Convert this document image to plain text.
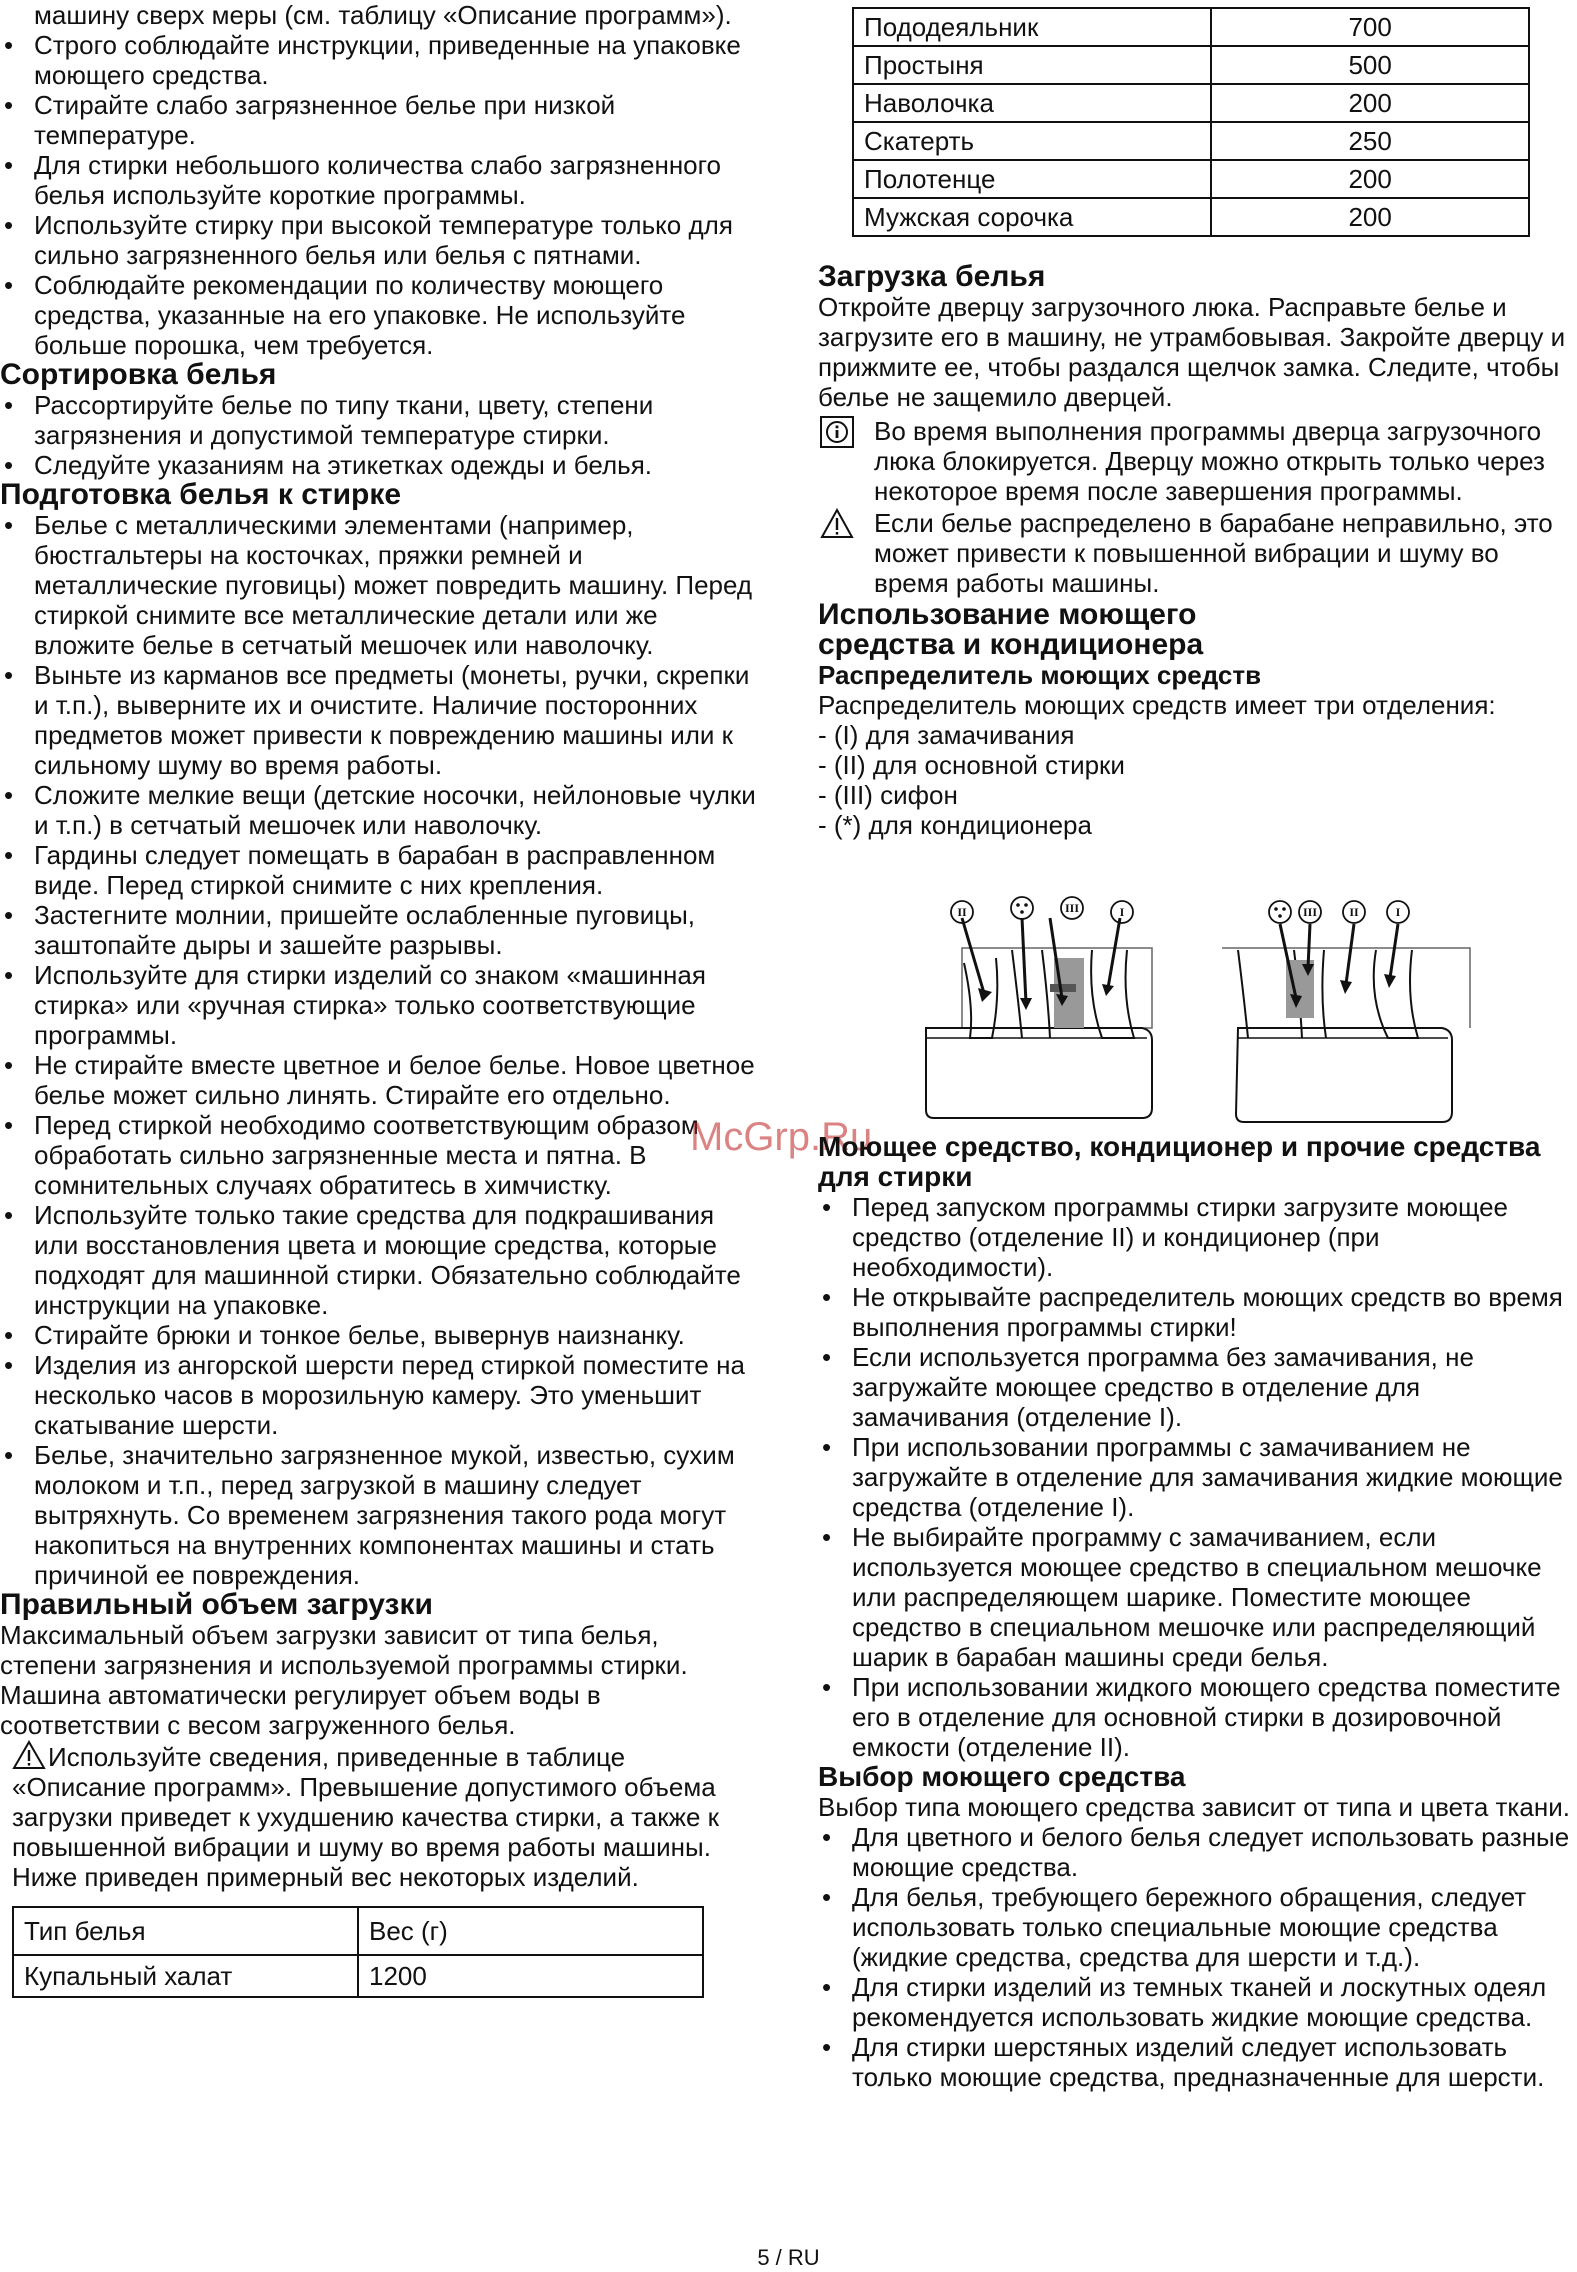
машину сверх меры (см. таблицу «Описание программ»).

• Строго соблюдайте инструкции, приведенные на упаковке моющего средства.
• Стирайте слабо загрязненное белье при низкой температуре.
• Для стирки небольшого количества слабо загрязненного белья используйте короткие программы.
• Используйте стирку при высокой температуре только для сильно загрязненного белья или белья с пятнами.
• Соблюдайте рекомендации по количеству моющего средства, указанные на его упаковке. Не используйте больше порошка, чем требуется.
Сортировка белья
• Рассортируйте белье по типу ткани, цвету, степени загрязнения и допустимой температуре стирки.
• Следуйте указаниям на этикетках одежды и белья.
Подготовка белья к стирке
• Белье с металлическими элементами (например, бюстгальтеры на косточках, пряжки ремней и металлические пуговицы) может повредить машину. Перед стиркой снимите все металлические детали или же вложите белье в сетчатый мешочек или наволочку.
• Выньте из карманов все предметы (монеты, ручки, скрепки и т.п.), выверните их и очистите. Наличие посторонних предметов может привести к повреждению машины или к сильному шуму во время работы.
• Сложите мелкие вещи (детские носочки, нейлоновые чулки и т.п.) в сетчатый мешочек или наволочку.
• Гардины следует помещать в барабан в расправленном виде. Перед стиркой снимите с них крепления.
• Застегните молнии, пришейте ослабленные пуговицы, заштопайте дыры и зашейте разрывы.
• Используйте для стирки изделий со знаком «машинная стирка» или «ручная стирка» только соответствующие программы.
• Не стирайте вместе цветное и белое белье. Новое цветное белье может сильно линять. Стирайте его отдельно.
• Перед стиркой необходимо соответствующим образом обработать сильно загрязненные места и пятна. В сомнительных случаях обратитесь в химчистку.
• Используйте только такие средства для подкрашивания или восстановления цвета и моющие средства, которые подходят для машинной стирки. Обязательно соблюдайте инструкции на упаковке.
• Стирайте брюки и тонкое белье, вывернув наизнанку.
• Изделия из ангорской шерсти перед стиркой поместите на несколько часов в морозильную камеру. Это уменьшит скатывание шерсти.
• Белье, значительно загрязненное мукой, известью, сухим молоком и т.п., перед загрузкой в машину следует вытряхнуть. Со временем загрязнения такого рода могут накопиться на внутренних компонентах машины и стать причиной ее повреждения.
Правильный объем загрузки

Максимальный объем загрузки зависит от типа белья, степени загрязнения и используемой программы стирки. Машина автоматически регулирует объем воды в соответствии с весом загруженного белья.

Используйте сведения, приведенные в таблице «Описание программ». Превышение допустимого объема загрузки приведет к ухудшению качества стирки, а также к повышенной вибрации и шуму во время работы машины. Ниже приведен примерный вес некоторых изделий.

Тип белья	Вес (г)
Купальный халат	1200
Пододеяльник	700
Простыня	500
Наволочка	200
Скатерть	250
Полотенце	200
Мужская сорочка	200
Загрузка белья

Откройте дверцу загрузочного люка. Расправьте белье и загрузите его в машину, не утрамбовывая. Закройте дверцу и прижмите ее, чтобы раздался щелчок замка. Следите, чтобы белье не защемило дверцей.

Во время выполнения программы дверца загрузочного люка блокируется. Дверцу можно открыть только через некоторое время после завершения программы.

Если белье распределено в барабане неправильно, это может привести к повышенной вибрации и шуму во время работы машины.

Использование моющего
средства и кондиционера
Распределитель моющих средств

Распределитель моющих средств имеет три отделения:

- (I) для замачивания
- (II) для основной стирки
- (III) сифон
- (*) для кондиционера
II	III	I	III	II	I
McGrp.Ru
Моющее средство, кондиционер и прочие средства для стирки
• Перед запуском программы стирки загрузите моющее средство (отделение II) и кондиционер (при необходимости).
• Не открывайте распределитель моющих средств во время выполнения программы стирки!
• Если используется программа без замачивания, не загружайте моющее средство в отделение для замачивания (отделение I).
• При использовании программы с замачиванием не загружайте в отделение для замачивания жидкие моющие средства (отделение I).
• Не выбирайте программу с замачиванием, если используется моющее средство в специальном мешочке или распределяющем шарике. Поместите моющее средство в специальном мешочке или распределяющий шарик в барабан машины среди белья.
• При использовании жидкого моющего средства поместите его в отделение для основной стирки в дозировочной емкости (отделение II).
Выбор моющего средства

Выбор типа моющего средства зависит от типа и цвета ткани.

• Для цветного и белого белья следует использовать разные моющие средства.
• Для белья, требующего бережного обращения, следует использовать только специальные моющие средства (жидкие средства, средства для шерсти и т.д.).
• Для стирки изделий из темных тканей и лоскутных одеял рекомендуется использовать жидкие моющие средства.
• Для стирки шерстяных изделий следует использовать только моющие средства, предназначенные для шерсти.
5 / RU
